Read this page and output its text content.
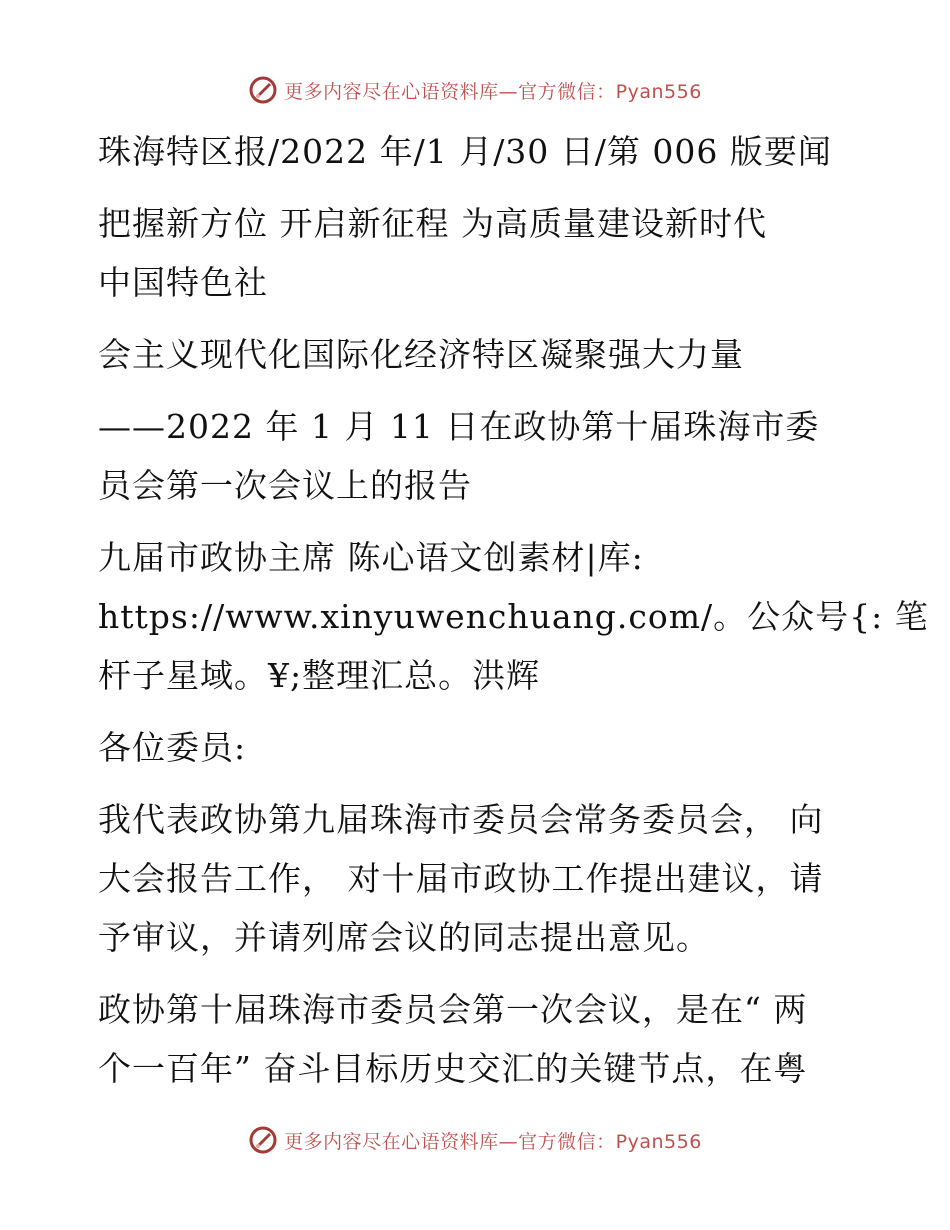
更多内容尽在心语资料库—官方微信：Pyan556
珠海特区报/2022 年/1 月/30 日/第 006 版要闻
把握新方位 开启新征程 为高质量建设新时代
中国特色社
会主义现代化国际化经济特区凝聚强大力量
——2022 年 1 月 11 日在政协第十届珠海市委
员会第一次会议上的报告
九届市政协主席 陈心语文创素材|库:
https://www.xinyuwenchuang.com/。公众号{: 笔
杆子星域。¥;整理汇总。洪辉
各位委员:
我代表政协第九届珠海市委员会常务委员会， 向
大会报告工作， 对十届市政协工作提出建议，请
予审议，并请列席会议的同志提出意见。
政协第十届珠海市委员会第一次会议，是在“ 两
个一百年” 奋斗目标历史交汇的关键节点，在粤
更多内容尽在心语资料库—官方微信：Pyan556
